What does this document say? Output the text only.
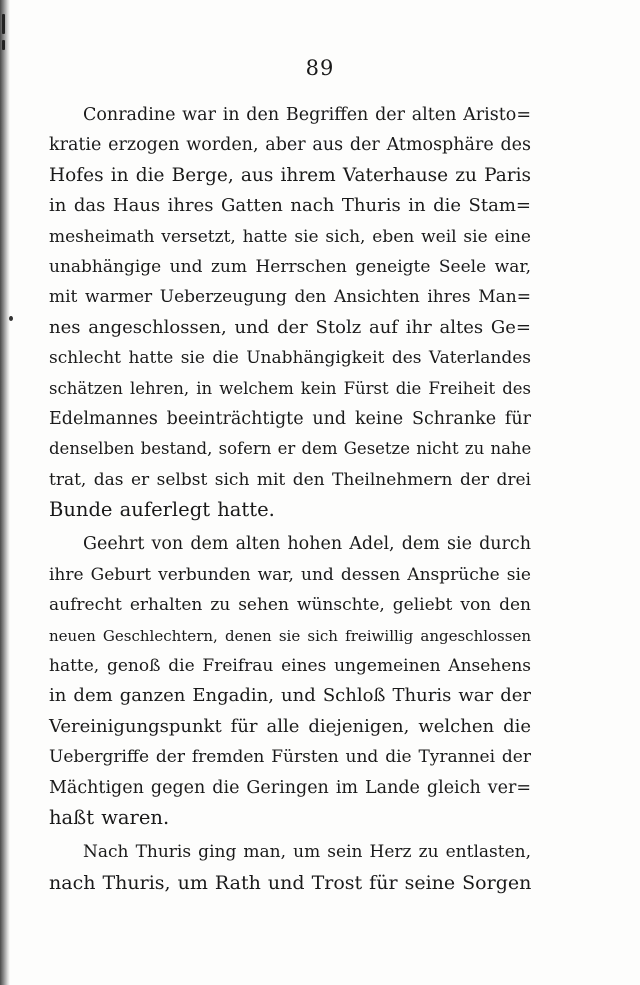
89
Conradine war in den Begriffen der alten Aristo=
kratie erzogen worden, aber aus der Atmosphäre des
Hofes in die Berge, aus ihrem Vaterhause zu Paris
in das Haus ihres Gatten nach Thuris in die Stam=
mesheimath versetzt, hatte sie sich, eben weil sie eine
unabhängige und zum Herrschen geneigte Seele war,
mit warmer Ueberzeugung den Ansichten ihres Man=
nes angeschlossen, und der Stolz auf ihr altes Ge=
schlecht hatte sie die Unabhängigkeit des Vaterlandes
schätzen lehren, in welchem kein Fürst die Freiheit des
Edelmannes beeinträchtigte und keine Schranke für
denselben bestand, sofern er dem Gesetze nicht zu nahe
trat, das er selbst sich mit den Theilnehmern der drei
Bunde auferlegt hatte.
Geehrt von dem alten hohen Adel, dem sie durch
ihre Geburt verbunden war, und dessen Ansprüche sie
aufrecht erhalten zu sehen wünschte, geliebt von den
neuen Geschlechtern, denen sie sich freiwillig angeschlossen
hatte, genoß die Freifrau eines ungemeinen Ansehens
in dem ganzen Engadin, und Schloß Thuris war der
Vereinigungspunkt für alle diejenigen, welchen die
Uebergriffe der fremden Fürsten und die Tyrannei der
Mächtigen gegen die Geringen im Lande gleich ver=
haßt waren.
Nach Thuris ging man, um sein Herz zu entlasten,
nach Thuris, um Rath und Trost für seine Sorgen
